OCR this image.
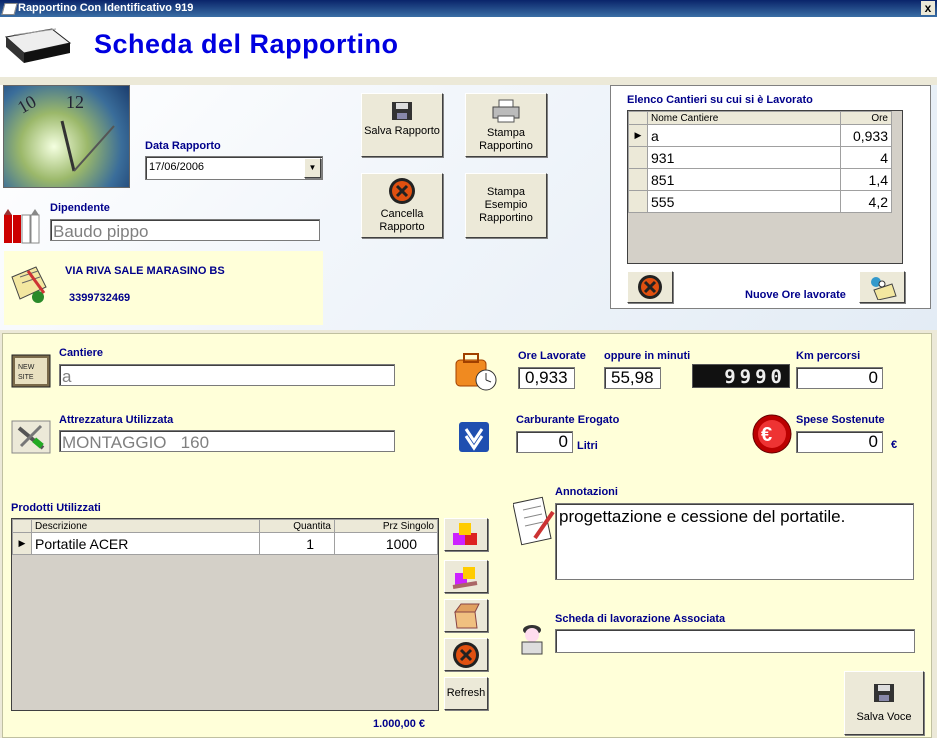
Rapportino Con Identificativo 919	x
Scheda del Rapportino
10 12
Data Rapporto
17/06/2006	▼
Dipendente
Baudo pippo
VIA RIVA SALE MARASINO BS
3399732469
Salva Rapporto	Stampa Rapportino
Cancella Rapporto
Stampa Esempio Rapportino
Elenco Cantieri su cui si è Lavorato
	Nome Cantiere	Ore
▶	a	0,933
	931	4
	851	1,4
	555	4,2
Nuove Ore lavorate
NEW
SITE
Cantiere
a
Attrezzatura Utilizzata
MONTAGGIO   160
Ore Lavorate
0,933
oppure in minuti
55,98	9990
Km percorsi
0
Carburante Erogato
0 Litri	€
Spese Sostenute
0	€
Prodotti Utilizzati
	Descrizione	Quantita	Prz Singolo
▶	Portatile ACER	1	1000
1.000,00 €
Refresh
Annotazioni
progettazione e cessione del portatile.
Scheda di lavorazione Associata
Salva Voce
